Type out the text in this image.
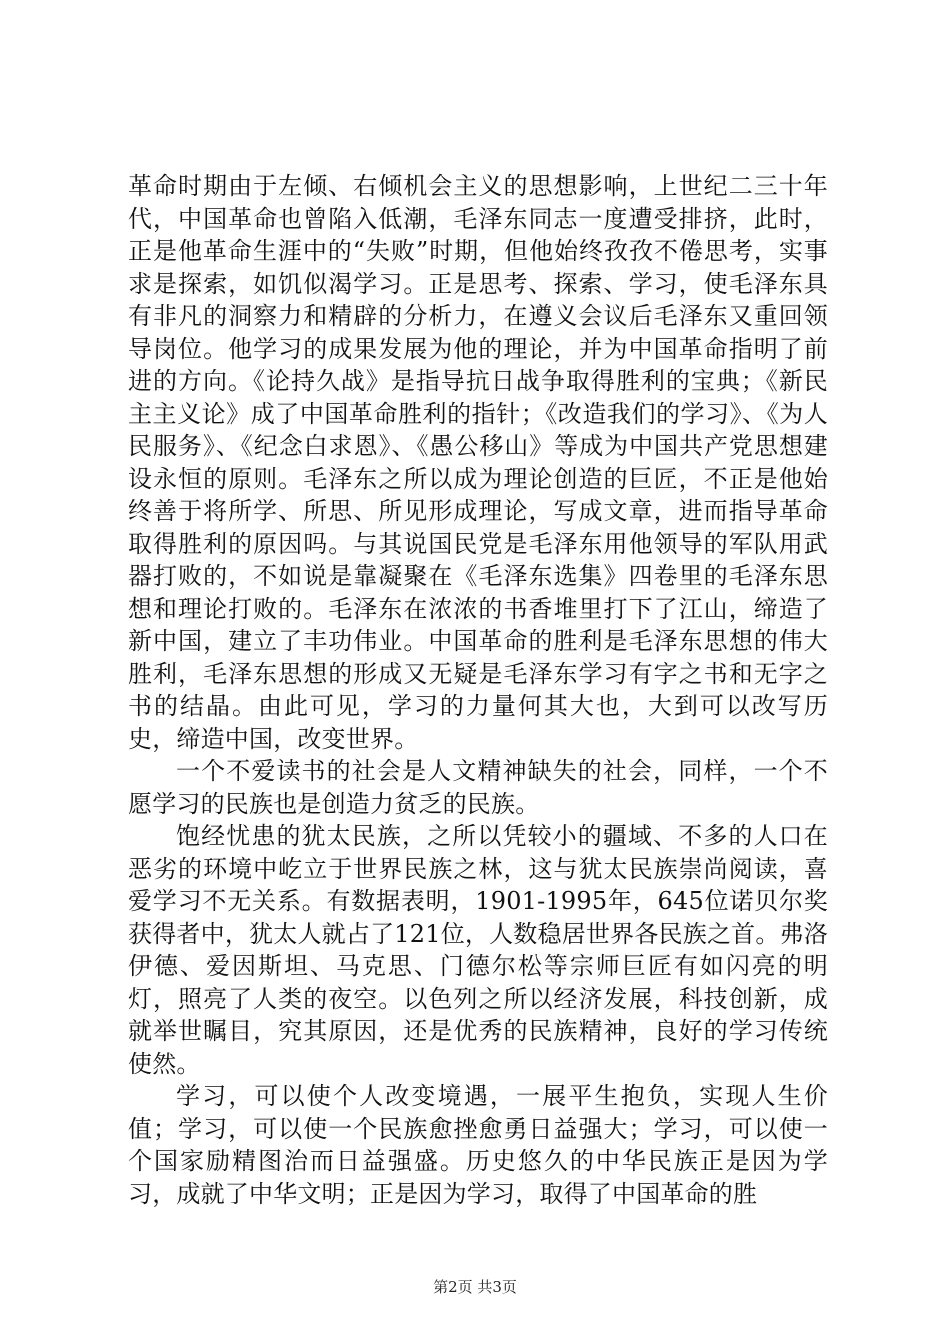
革命时期由于左倾、右倾机会主义的思想影响，上世纪二三十年代，中国革命也曾陷入低潮，毛泽东同志一度遭受排挤，此时，正是他革命生涯中的“失败”时期，但他始终孜孜不倦思考，实事求是探索，如饥似渴学习。正是思考、探索、学习，使毛泽东具有非凡的洞察力和精辟的分析力，在遵义会议后毛泽东又重回领导岗位。他学习的成果发展为他的理论，并为中国革命指明了前进的方向。《论持久战》是指导抗日战争取得胜利的宝典；《新民主主义论》成了中国革命胜利的指针；《改造我们的学习》、《为人民服务》、《纪念白求恩》、《愚公移山》等成为中国共产党思想建设永恒的原则。毛泽东之所以成为理论创造的巨匠，不正是他始终善于将所学、所思、所见形成理论，写成文章，进而指导革命取得胜利的原因吗。与其说国民党是毛泽东用他领导的军队用武器打败的，不如说是靠凝聚在《毛泽东选集》四卷里的毛泽东思想和理论打败的。毛泽东在浓浓的书香堆里打下了江山，缔造了新中国，建立了丰功伟业。中国革命的胜利是毛泽东思想的伟大胜利，毛泽东思想的形成又无疑是毛泽东学习有字之书和无字之书的结晶。由此可见，学习的力量何其大也，大到可以改写历史，缔造中国，改变世界。

一个不爱读书的社会是人文精神缺失的社会，同样，一个不愿学习的民族也是创造力贫乏的民族。

饱经忧患的犹太民族，之所以凭较小的疆域、不多的人口在恶劣的环境中屹立于世界民族之林，这与犹太民族崇尚阅读，喜爱学习不无关系。有数据表明，1901-1995年，645位诺贝尔奖获得者中，犹太人就占了121位，人数稳居世界各民族之首。弗洛伊德、爱因斯坦、马克思、门德尔松等宗师巨匠有如闪亮的明灯，照亮了人类的夜空。以色列之所以经济发展，科技创新，成就举世瞩目，究其原因，还是优秀的民族精神，良好的学习传统使然。

学习，可以使个人改变境遇，一展平生抱负，实现人生价值；学习，可以使一个民族愈挫愈勇日益强大；学习，可以使一个国家励精图治而日益强盛。历史悠久的中华民族正是因为学习，成就了中华文明；正是因为学习，取得了中国革命的胜

第2页 共3页
